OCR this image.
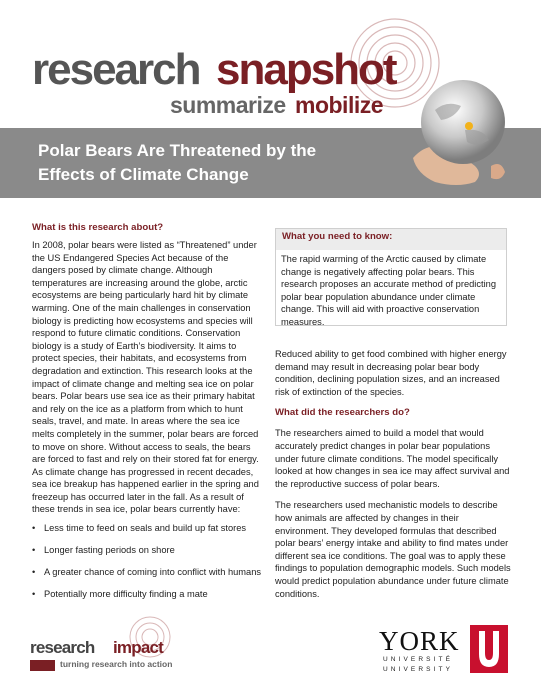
research snapshot
summarize mobilize
Polar Bears Are Threatened by the Effects of Climate Change
What is this research about?

In 2008, polar bears were listed as “Threatened” under the US Endangered Species Act because of the dangers posed by climate change. Although temperatures are increasing around the globe, arctic ecosystems are being particularly hard hit by climate warming. One of the main challenges in conservation biology is predicting how ecosystems and species will respond to future climatic conditions. Conservation biology is a study of Earth’s biodiversity. It aims to protect species, their habitats, and ecosystems from degradation and extinction. This research looks at the impact of climate change and melting sea ice on polar bears. Polar bears use sea ice as their primary habitat and rely on the ice as a platform from which to hunt seals, travel, and mate. In areas where the sea ice melts completely in the summer, polar bears are forced to move on shore. Without access to seals, the bears are forced to fast and rely on their stored fat for energy. As climate change has progressed in recent decades, sea ice breakup has happened earlier in the spring and freezeup has occurred later in the fall. As a result of these trends in sea ice, polar bears currently have:

• Less time to feed on seals and build up fat stores
• Longer fasting periods on shore
• A greater chance of coming into conflict with humans
• Potentially more difficulty finding a mate
What you need to know:
The rapid warming of the Arctic caused by climate change is negatively affecting polar bears. This research proposes an accurate method of predicting polar bear population abundance under climate change. This will aid with proactive conservation measures.

Reduced ability to get food combined with higher energy demand may result in decreasing polar bear body condition, declining population sizes, and an increased risk of extinction of the species.

What did the researchers do?

The researchers aimed to build a model that would accurately predict changes in polar bear populations under future climate conditions. The model specifically looked at how changes in sea ice may affect survival and the reproductive success of polar bears.

The researchers used mechanistic models to describe how animals are affected by changes in their environment. They developed formulas that described polar bears’ energy intake and ability to find mates under different sea ice conditions. The goal was to apply these findings to population demographic models. Such models would predict population abundance under future climate conditions.

research impact
turning research into action
YORK
UNIVERSITÉ
UNIVERSITY
